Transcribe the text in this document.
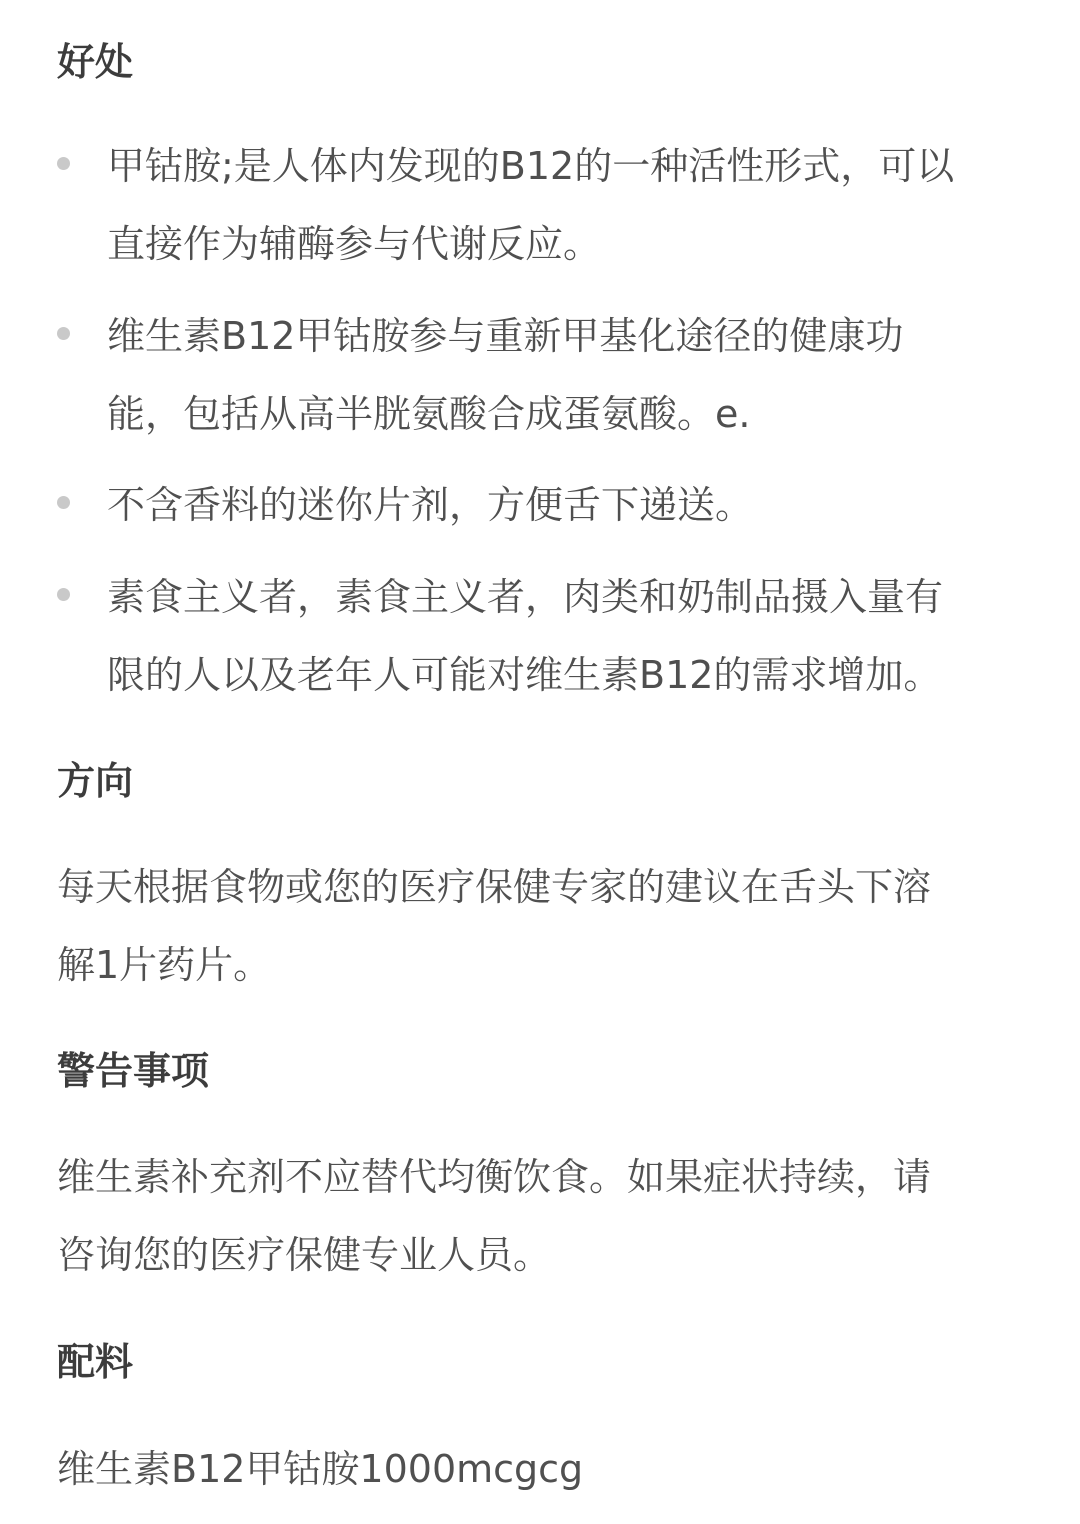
好处
甲钴胺;是人体内发现的B12的一种活性形式，可以
直接作为辅酶参与代谢反应。
维生素B12甲钴胺参与重新甲基化途径的健康功
能，包括从高半胱氨酸合成蛋氨酸。e.
不含香料的迷你片剂，方便舌下递送。
素食主义者，素食主义者，肉类和奶制品摄入量有
限的人以及老年人可能对维生素B12的需求增加。
方向
每天根据食物或您的医疗保健专家的建议在舌头下溶
解1片药片。
警告事项
维生素补充剂不应替代均衡饮食。如果症状持续，请
咨询您的医疗保健专业人员。
配料
维生素B12甲钴胺1000mcgcg
